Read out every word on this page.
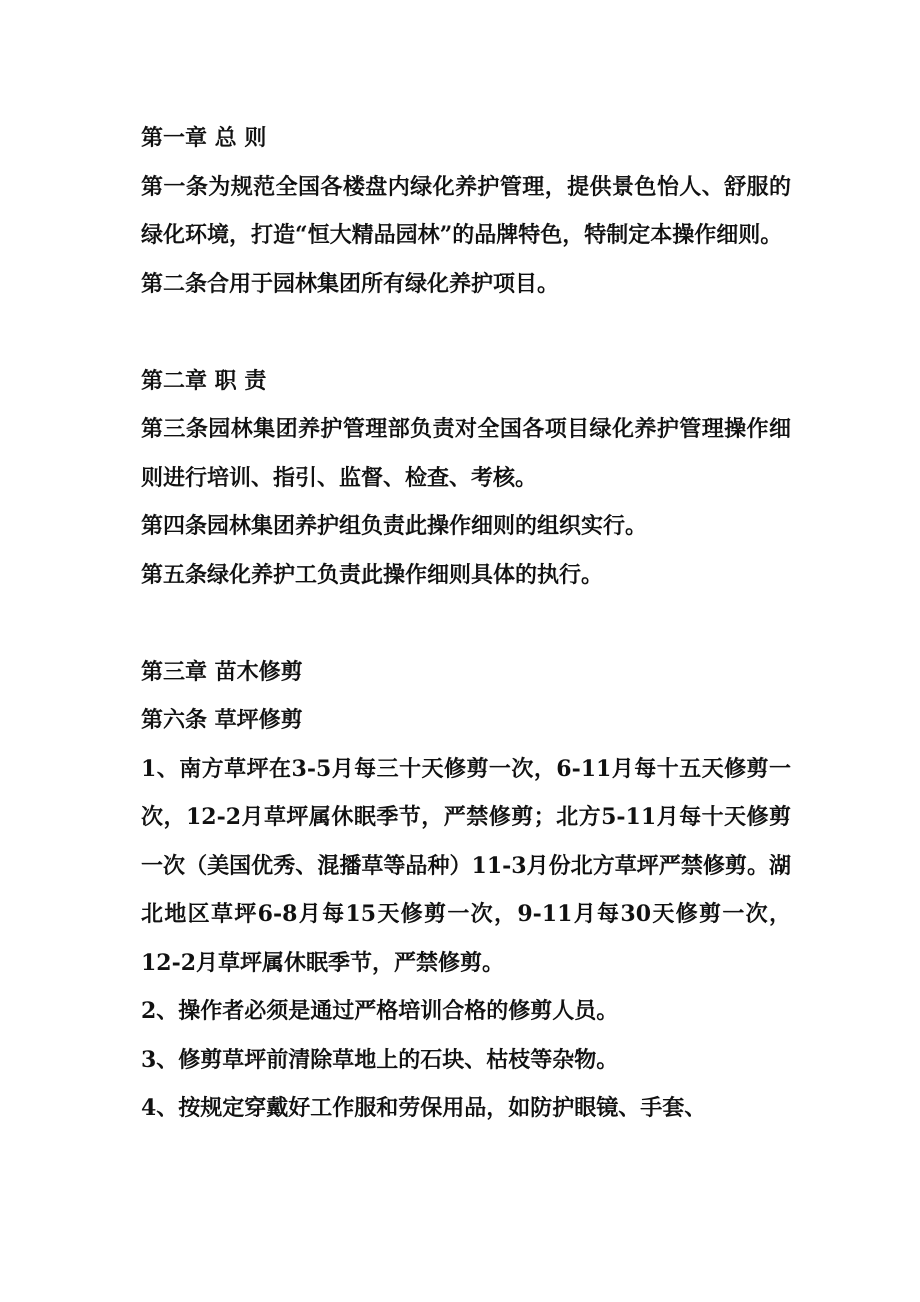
第一章 总 则

第一条为规范全国各楼盘内绿化养护管理，提供景色怡人、舒服的绿化环境，打造“恒大精品园林”的品牌特色，特制定本操作细则。

第二条合用于园林集团所有绿化养护项目。

第二章 职 责

第三条园林集团养护管理部负责对全国各项目绿化养护管理操作细则进行培训、指引、监督、检查、考核。

第四条园林集团养护组负责此操作细则的组织实行。

第五条绿化养护工负责此操作细则具体的执行。

第三章 苗木修剪

第六条 草坪修剪

1、南方草坪在3-5月每三十天修剪一次，6-11月每十五天修剪一次，12-2月草坪属休眠季节，严禁修剪；北方5-11月每十天修剪一次（美国优秀、混播草等品种）11-3月份北方草坪严禁修剪。湖北地区草坪6-8月每15天修剪一次，9-11月每30天修剪一次，12-2月草坪属休眠季节，严禁修剪。

2、操作者必须是通过严格培训合格的修剪人员。

3、修剪草坪前清除草地上的石块、枯枝等杂物。

4、按规定穿戴好工作服和劳保用品，如防护眼镜、手套、
